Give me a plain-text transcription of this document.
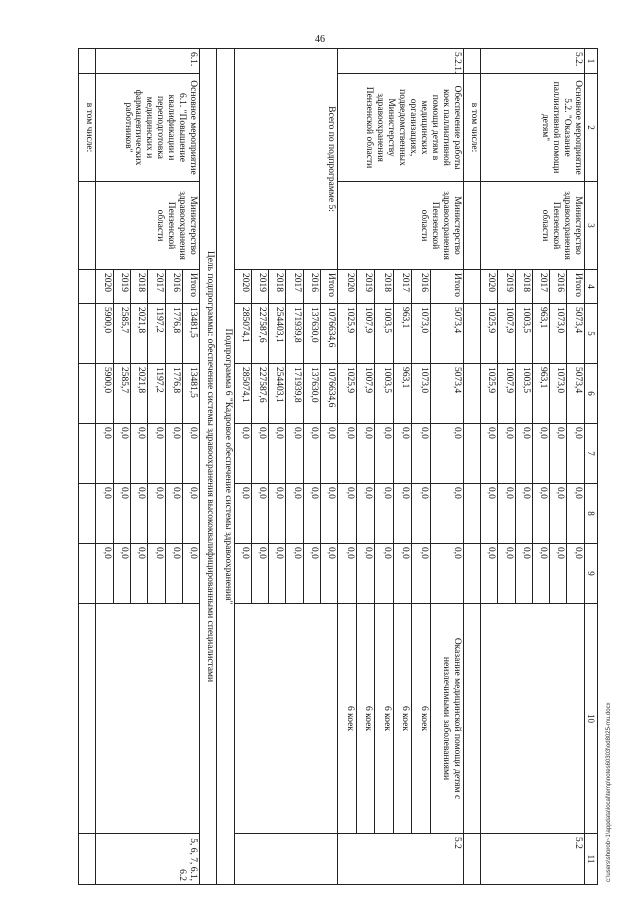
46
1	2	3	4	5	6	7	8	9	10	11
5.2.	Основное мероприятие 5.2. "Оказание паллиативной помощи детям"	Министерство здравоохранения Пензенской области	Итого	5073,4	5073,4	0,0	0,0	0,0		5.2
			2016	1073,0	1073,0	0,0	0,0	0,0		
			2017	963,1	963,1	0,0	0,0	0,0		
			2018	1003,5	1003,5	0,0	0,0	0,0		
			2019	1007,9	1007,9	0,0	0,0	0,0		
			2020	1025,9	1025,9	0,0	0,0	0,0		
	в том числе:									
5.2.1.	Обеспечение работы коек паллиативной помощи детям в медицинских организациях, подведомственных Министерству здравоохранения Пензенской области	Министерство здравоохранения Пензенской области	Итого	5073,4	5073,4	0,0	0,0	0,0	Оказание медицинской помощи детям с неизлечимыми заболеваниями	5.2
			2016	1073,0	1073,0	0,0	0,0	0,0	6 коек	
			2017	963,1	963,1	0,0	0,0	0,0	6 коек	
			2018	1003,5	1003,5	0,0	0,0	0,0	6 коек	
			2019	1007,9	1007,9	0,0	0,0	0,0	6 коек	
			2020	1025,9	1025,9	0,0	0,0	0,0	6 коек	
Всего по подпрограмме 5:			Итого	1076634,6	1076634,6	0,0	0,0	0,0		
			2016	137630,0	137630,0	0,0	0,0	0,0		
			2017	171939,8	171939,8	0,0	0,0	0,0		
			2018	254403,1	254403,1	0,0	0,0	0,0		
			2019	227587,6	227587,6	0,0	0,0	0,0		
			2020	285074,1	285074,1	0,0	0,0	0,0		
Подпрограмма 6 "Кадровое обеспечение системы здравоохранения"										
Цель подпрограммы: обеспечение системы здравоохранения высококвалифицированными специалистами										
6.1.	Основное мероприятие 6.1. "Повышение квалификации и переподготовка медицинских и фармацевтических работников"	Министерство здравоохранения Пензенской области	Итого	13481,5	13481,5	0,0	0,0	0,0		5, 6, 7, 6.1, 6.2
			2016	1776,8	1776,8	0,0	0,0	0,0		
			2017	1197,2	1197,2	0,0	0,0	0,0		
			2018	2021,8	2021,8	0,0	0,0	0,0		
			2019	2585,7	2585,7	0,0	0,0	0,0		
			2020	5900,0	5900,0	0,0	0,0	0,0		
	в том числе:									
c:\users\shorob~1\appdata\local\temp\notes60303\od8025-mu.docx
